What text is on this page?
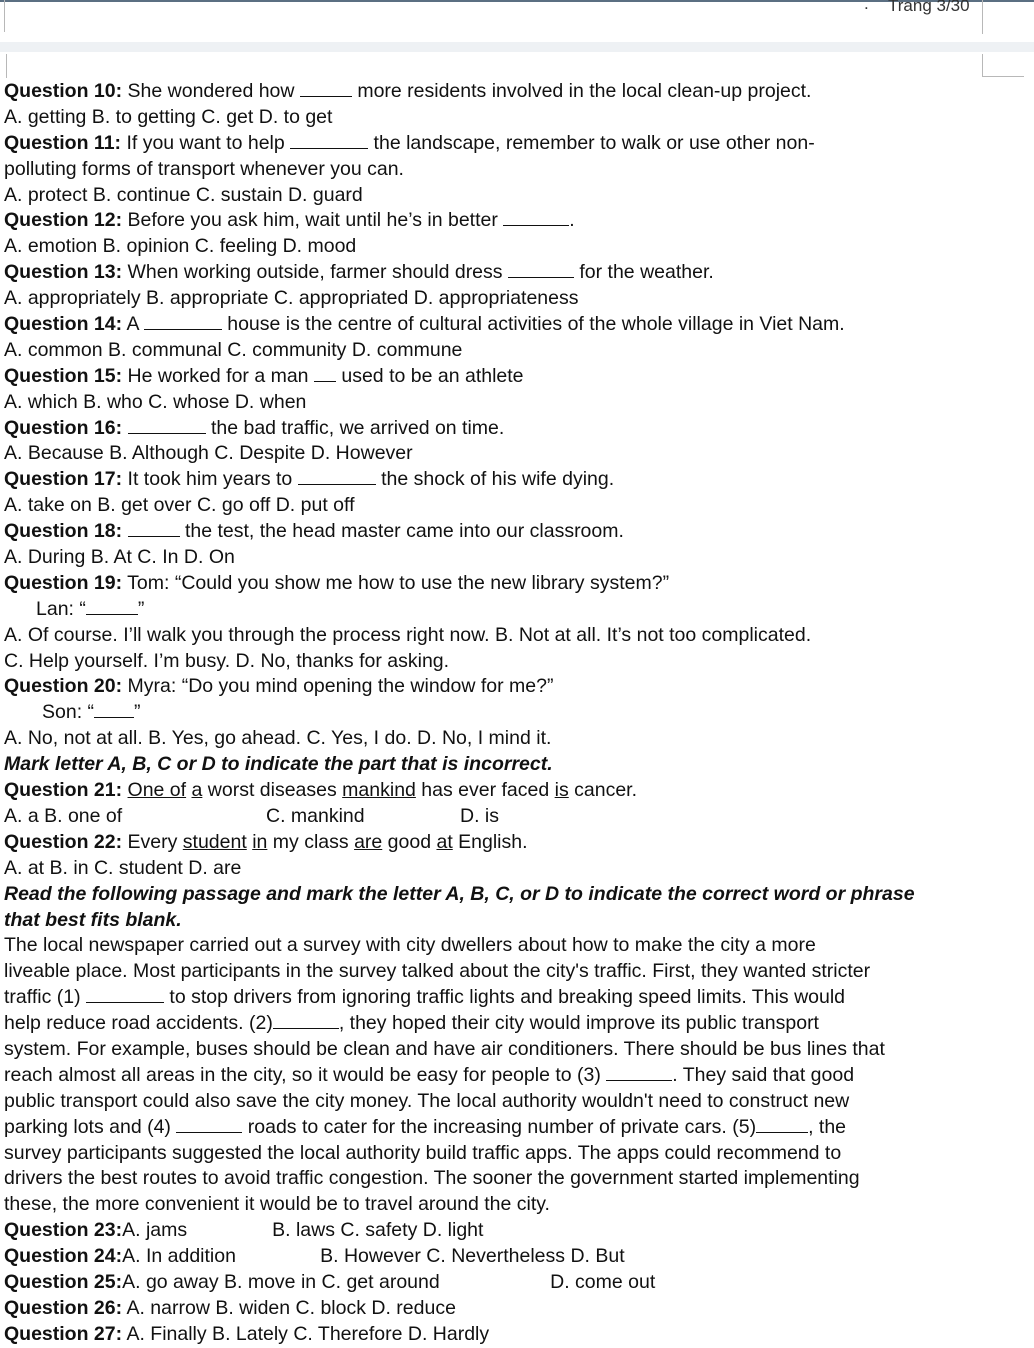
. Trang 3/30
Question 10: She wondered how	more residents involved in the local clean-up project.
A. getting B. to getting C. get D. to get
Question 11: If you want to help	the landscape, remember to walk or use other non-
polluting forms of transport whenever you can.
A. protect B. continue C. sustain D. guard
Question 12: Before you ask him, wait until he’s in better	.
A. emotion B. opinion C. feeling D. mood
Question 13: When working outside, farmer should dress	for the weather.
A. appropriately B. appropriate C. appropriated D. appropriateness
Question 14: A	house is the centre of cultural activities of the whole village in Viet Nam.
A. common B. communal C. community D. commune
Question 15: He worked for a man  used to be an athlete
A. which B. who C. whose D. when
Question 16:	the bad traffic, we arrived on time.
A. Because B. Although C. Despite D. However
Question 17: It took him years to	the shock of his wife dying.
A. take on B. get over C. go off D. put off
Question 18:	the test, the head master came into our classroom.
A. During B. At C. In D. On
Question 19: Tom: “Could you show me how to use the new library system?”
Lan: “	”
A. Of course. I’ll walk you through the process right now. B. Not at all. It’s not too complicated.
C. Help yourself. I’m busy. D. No, thanks for asking.
Question 20: Myra: “Do you mind opening the window for me?”
Son: “ ”
A. No, not at all. B. Yes, go ahead. C. Yes, I do. D. No, I mind it.
Mark letter A, B, C or D to indicate the part that is incorrect.
Question 21: One of a worst diseases mankind has ever faced is cancer.
A. a B. one of	C. mankind	D. is
Question 22: Every student in my class are good at English.
A. at B. in C. student D. are
Read the following passage and mark the letter A, B, C, or D to indicate the correct word or phrase
that best fits blank.
The local newspaper carried out a survey with city dwellers about how to make the city a more
liveable place. Most participants in the survey talked about the city's traffic. First, they wanted stricter
traffic (1)	to stop drivers from ignoring traffic lights and breaking speed limits. This would
help reduce road accidents. (2)	, they hoped their city would improve its public transport
system. For example, buses should be clean and have air conditioners. There should be bus lines that
reach almost all areas in the city, so it would be easy for people to (3)	. They said that good
public transport could also save the city money. The local authority wouldn't need to construct new
parking lots and (4)	roads to cater for the increasing number of private cars. (5)	, the
survey participants suggested the local authority build traffic apps. The apps could recommend to
drivers the best routes to avoid traffic congestion. The sooner the government started implementing
these, the more convenient it would be to travel around the city.
Question 23:A. jams	B. laws C. safety D. light
Question 24:A. In addition	B. However C. Nevertheless D. But
Question 25:A. go away B. move in C. get around	D. come out
Question 26: A. narrow B. widen C. block D. reduce
Question 27: A. Finally B. Lately C. Therefore D. Hardly
